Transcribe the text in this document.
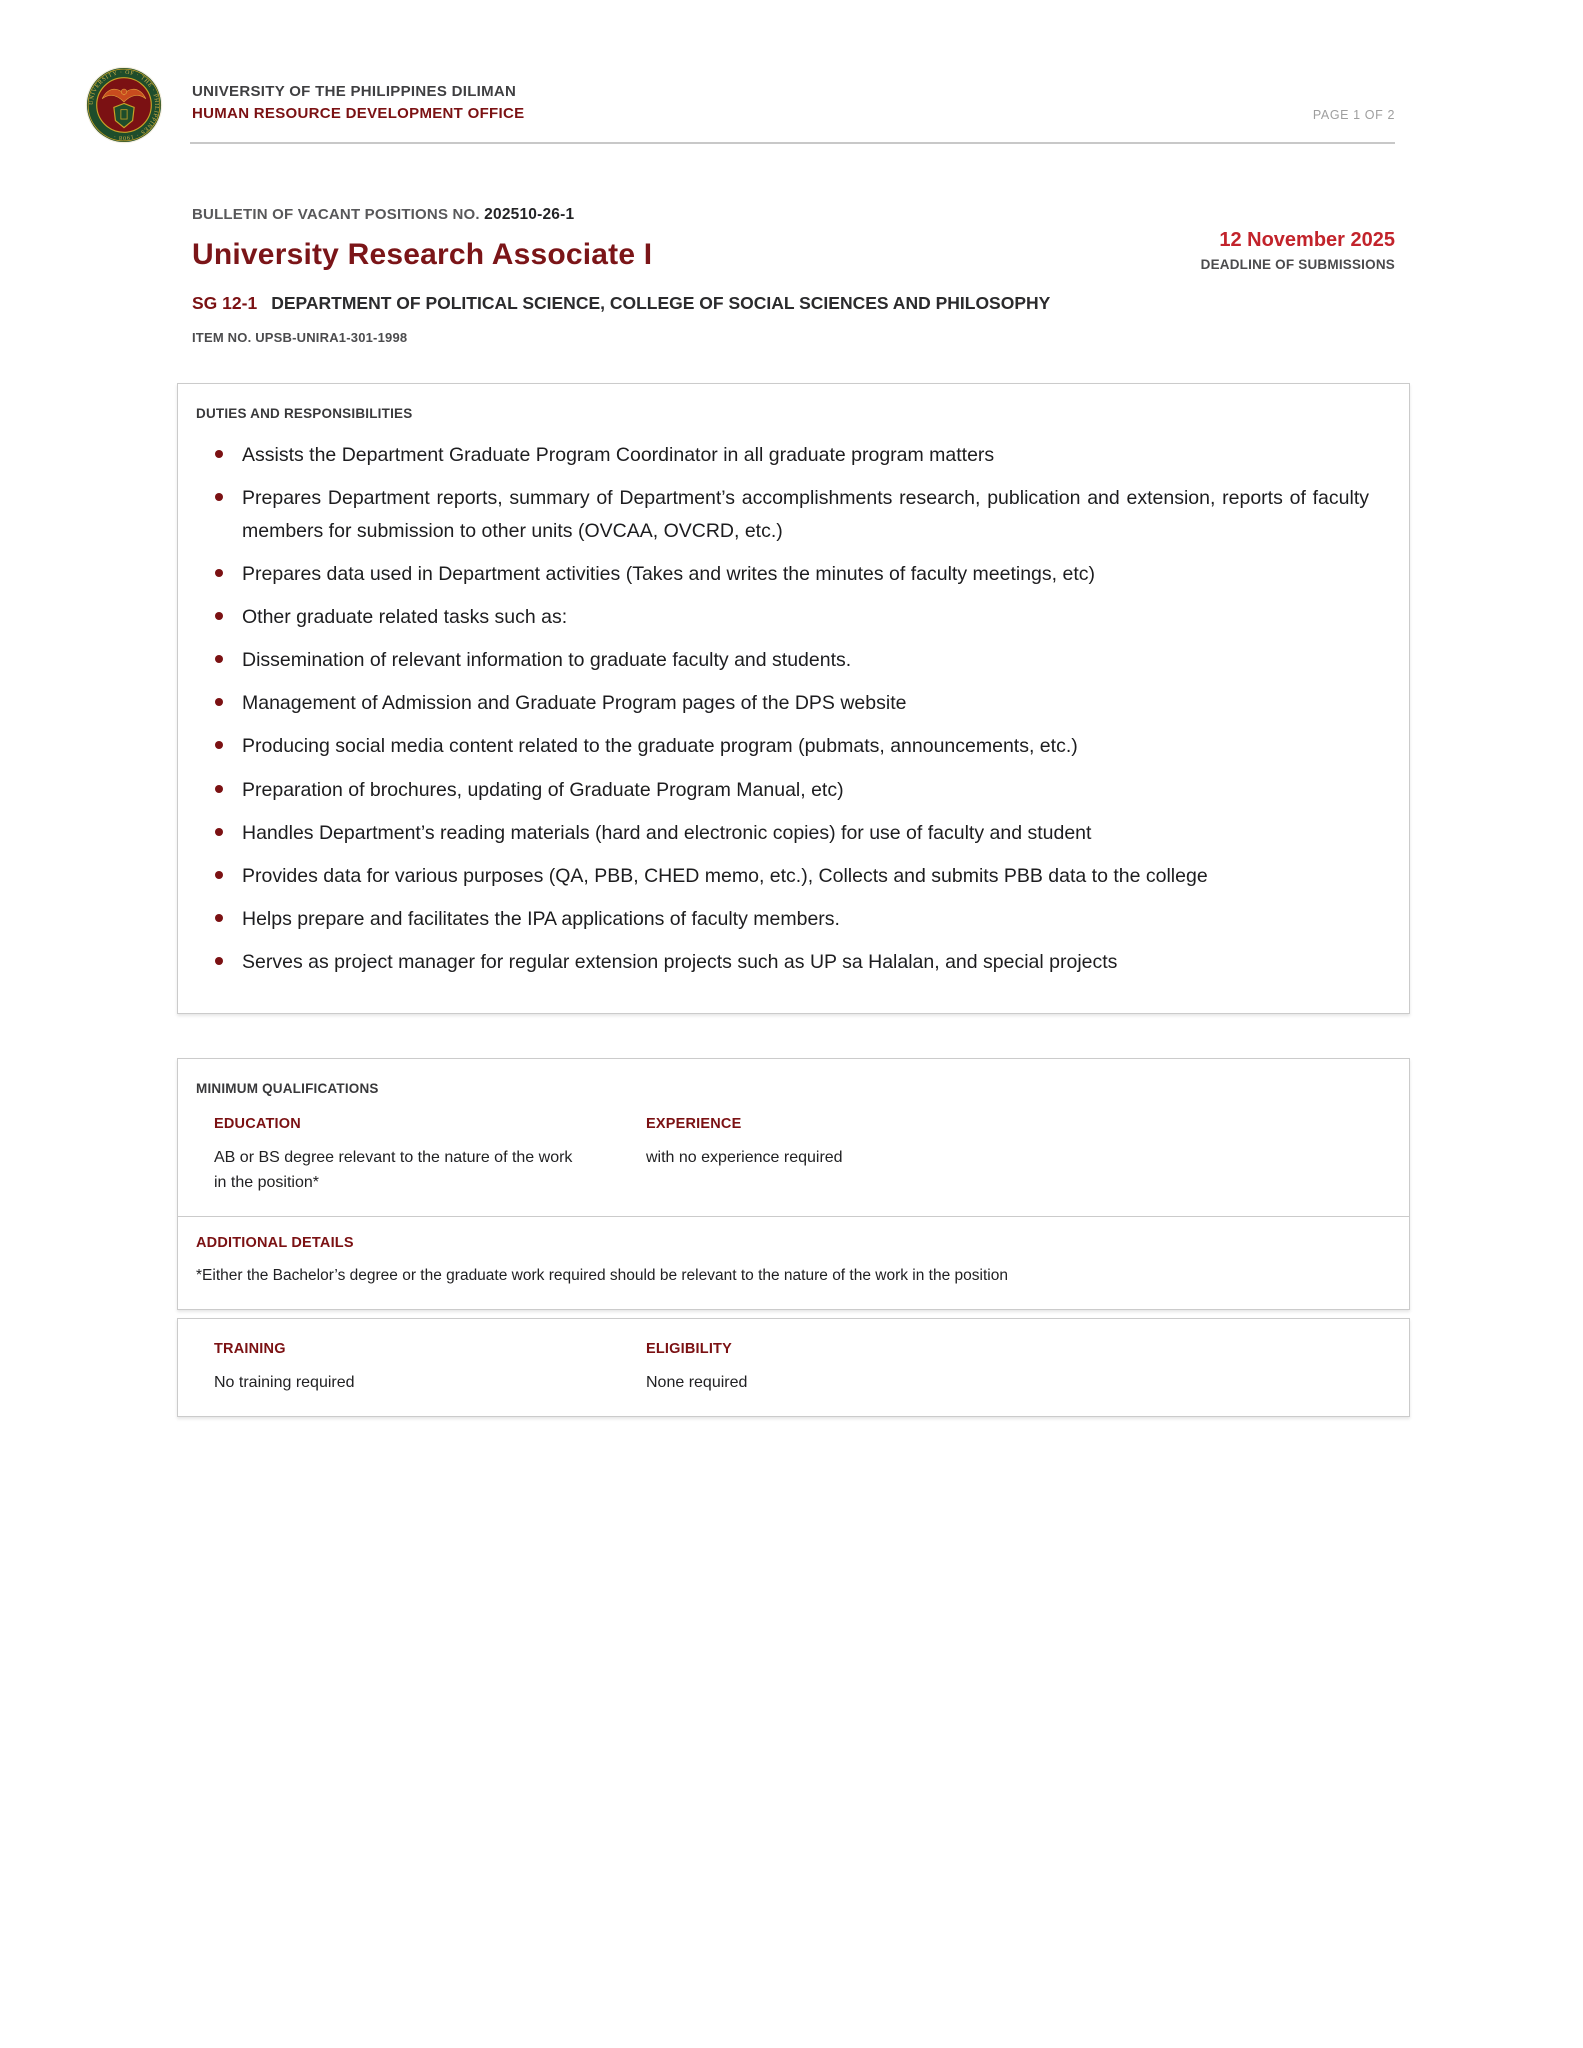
UNIVERSITY · OF · THE · PHILIPPINES · 1908 ·
UNIVERSITY OF THE PHILIPPINES DILIMAN
HUMAN RESOURCE DEVELOPMENT OFFICE	PAGE 1 OF 2
BULLETIN OF VACANT POSITIONS NO. 202510-26-1
12 November 2025
DEADLINE OF SUBMISSIONS
University Research Associate I
SG 12-1 DEPARTMENT OF POLITICAL SCIENCE, COLLEGE OF SOCIAL SCIENCES AND PHILOSOPHY
ITEM NO. UPSB-UNIRA1-301-1998
DUTIES AND RESPONSIBILITIES
Assists the Department Graduate Program Coordinator in all graduate program matters
Prepares Department reports, summary of Department’s accomplishments research, publication and extension, reports of faculty members for submission to other units (OVCAA, OVCRD, etc.)
Prepares data used in Department activities (Takes and writes the minutes of faculty meetings, etc)
Other graduate related tasks such as:
Dissemination of relevant information to graduate faculty and students.
Management of Admission and Graduate Program pages of the DPS website
Producing social media content related to the graduate program (pubmats, announcements, etc.)
Preparation of brochures, updating of Graduate Program Manual, etc)
Handles Department’s reading materials (hard and electronic copies) for use of faculty and student
Provides data for various purposes (QA, PBB, CHED memo, etc.), Collects and submits PBB data to the college
Helps prepare and facilitates the IPA applications of faculty members.
Serves as project manager for regular extension projects such as UP sa Halalan, and special projects
MINIMUM QUALIFICATIONS
EDUCATION
AB or BS degree relevant to the nature of the work in the position*
EXPERIENCE
with no experience required
ADDITIONAL DETAILS
*Either the Bachelor’s degree or the graduate work required should be relevant to the nature of the work in the position
TRAINING
No training required
ELIGIBILITY
None required
